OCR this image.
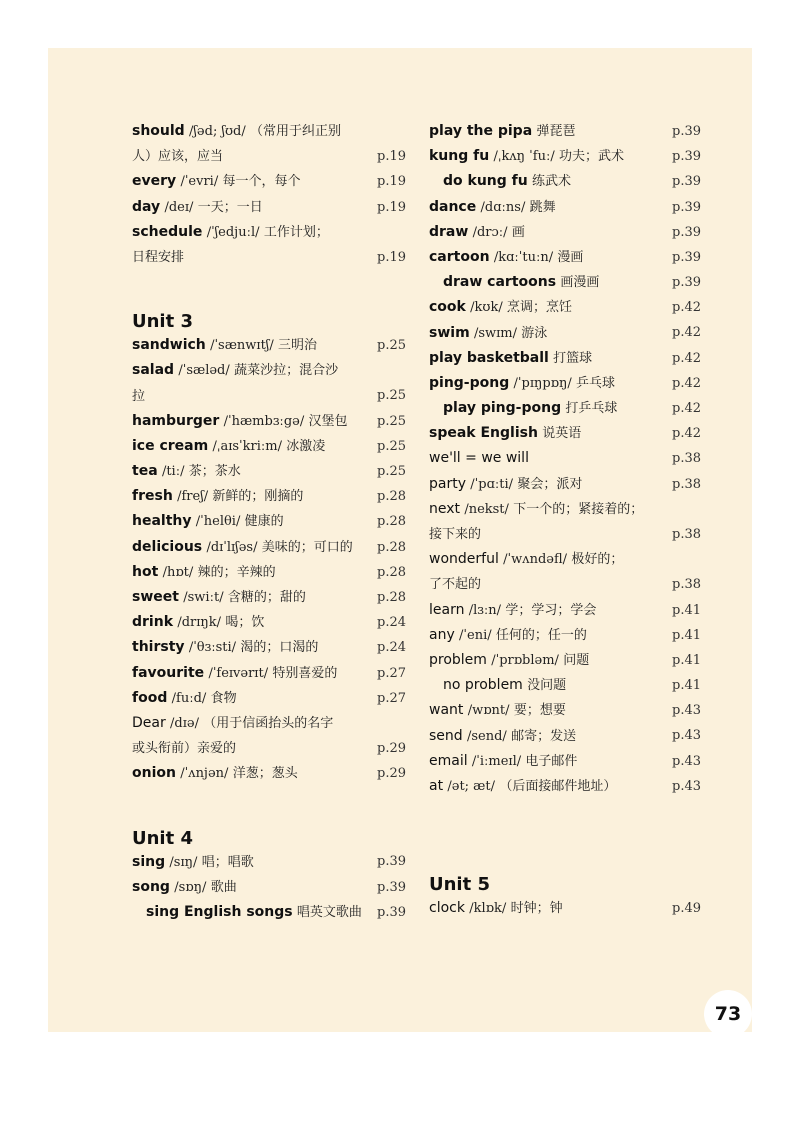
73
should /ʃəd; ʃʊd/ （常用于纠正别
人）应该，应当	p.19
every /ˈevri/ 每一个，每个	p.19
day /deɪ/ 一天；一日	p.19
schedule /ˈʃedjuːl/ 工作计划；
日程安排	p.19
Unit 3
sandwich /ˈsænwɪtʃ/ 三明治	p.25
salad /ˈsæləd/ 蔬菜沙拉；混合沙
拉	p.25
hamburger /ˈhæmbɜːgə/ 汉堡包	p.25
ice cream /ˌaɪsˈkriːm/ 冰激凌	p.25
tea /tiː/ 茶；茶水	p.25
fresh /freʃ/ 新鲜的；刚摘的	p.28
healthy /ˈhelθi/ 健康的	p.28
delicious /dɪˈlɪʃəs/ 美味的；可口的	p.28
hot /hɒt/ 辣的；辛辣的	p.28
sweet /swiːt/ 含糖的；甜的	p.28
drink /drɪŋk/ 喝；饮	p.24
thirsty /ˈθɜːsti/ 渴的；口渴的	p.24
favourite /ˈfeɪvərɪt/ 特别喜爱的	p.27
food /fuːd/ 食物	p.27
Dear /dɪə/ （用于信函抬头的名字
或头衔前）亲爱的	p.29
onion /ˈʌnjən/ 洋葱；葱头	p.29
Unit 4
sing /sɪŋ/ 唱；唱歌	p.39
song /sɒŋ/ 歌曲	p.39
sing English songs 唱英文歌曲	p.39
play the pipa 弹琵琶	p.39
kung fu /ˌkʌŋ ˈfuː/ 功夫；武术	p.39
do kung fu 练武术	p.39
dance /dɑːns/ 跳舞	p.39
draw /drɔː/ 画	p.39
cartoon /kɑːˈtuːn/ 漫画	p.39
draw cartoons 画漫画	p.39
cook /kʊk/ 烹调；烹饪	p.42
swim /swɪm/ 游泳	p.42
play basketball 打篮球	p.42
ping-pong /ˈpɪŋpɒŋ/ 乒乓球	p.42
play ping-pong 打乒乓球	p.42
speak English 说英语	p.42
we'll = we will	p.38
party /ˈpɑːti/ 聚会；派对	p.38
next /nekst/ 下一个的；紧接着的；
接下来的	p.38
wonderful /ˈwʌndəfl/ 极好的；
了不起的	p.38
learn /lɜːn/ 学；学习；学会	p.41
any /ˈeni/ 任何的；任一的	p.41
problem /ˈprɒbləm/ 问题	p.41
no problem 没问题	p.41
want /wɒnt/ 要；想要	p.43
send /send/ 邮寄；发送	p.43
email /ˈiːmeɪl/ 电子邮件	p.43
at /ət; æt/ （后面接邮件地址）	p.43
Unit 5
clock /klɒk/ 时钟；钟	p.49
